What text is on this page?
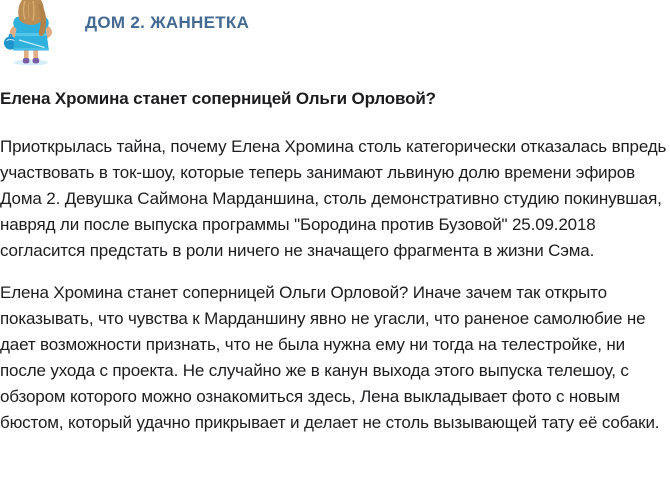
ДОМ 2. ЖАННЕТКА

Елена Хромина станет соперницей Ольги Орловой?

Приоткрылась тайна, почему Елена Хромина столь категорически отказалась впредь участвовать в ток-шоу, которые теперь занимают львиную долю времени эфиров Дома 2. Девушка Саймона Марданшина, столь демонстративно студию покинувшая, навряд ли после выпуска программы "Бородина против Бузовой" 25.09.2018 согласится предстать в роли ничего не значащего фрагмента в жизни Сэма.

Елена Хромина станет соперницей Ольги Орловой? Иначе зачем так открыто показывать, что чувства к Марданшину явно не угасли, что раненое самолюбие не дает возможности признать, что не была нужна ему ни тогда на телестройке, ни после ухода с проекта. Не случайно же в канун выхода этого выпуска телешоу, с обзором которого можно ознакомиться здесь, Лена выкладывает фото с новым бюстом, который удачно прикрывает и делает не столь вызывающей тату её собаки.
